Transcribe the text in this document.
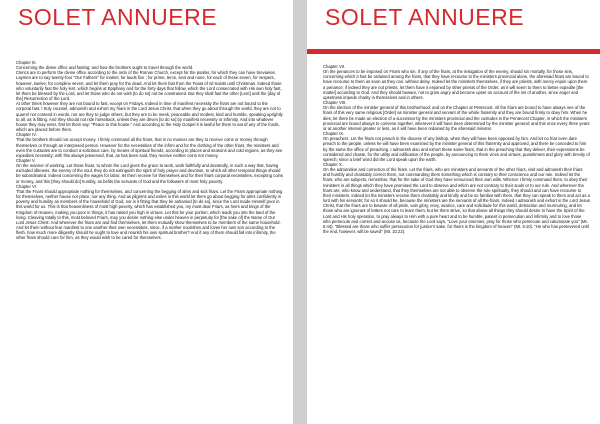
SOLET ANNUERE

Chapter III.

Concerning the divine office and fasting; and how the brothers ought to travel through the world.

Clerics are to perform the divine office according to the ordo of the Roman Church, except for the psalter, for which they can have breviaries. Laymen are to say twenty-four "Our Fathers" for matins; for lauds five ; for prime, terce, sext and none, for each of these seven, for vespers, however, twelve; for compline seven; and let them pray for the dead. And let them fast from the Feast of All Saints until Christmas. Indeed those who voluntarily fast the holy lent, which begins at Epiphany and for the forty days that follow, which the Lord consecrated with His own holy fast, let them be blessed by the Lord, and let those who do not wish [to do so] not be constrained. But they shall fast the other [Lent] until the [day of the] Resurrection of the Lord.

At other times however they are not bound to fast, except on Fridays. Indeed in time of manifest necessity the friars are not bound to the corporal fast. I truly counsel, admonish and exhort my friars in the Lord Jesus Christ, that when they go about through the world, they are not to quarrel nor contend in words, nor are they to judge others, but they are to be meek, peaceable and modest, kind and humble, speaking uprightly to all, as is fitting. And they should not ride horseback, unless they are driven [to do so] by manifest necessity or infirmity. And into whatever house they may enter, first let them say: "Peace to this house." And according to the Holy Gospel it is lawful for them to eat of any of the foods, which are placed before them.

Chapter IV.

That the brothers should not accept money. I firmly command all the friars, that in no manner are they to receive coins or money through themselves or through an interposed person. However for the necessities of the infirm and for the clothing of the other friars, the ministers and even the custodes are to conduct a solicitous care, by means of spiritual friends, according to places and seasons and cold regions, as they see expedites necessity; with this always preserved, that, as has been said, they receive neither coins nor money.

Chapter V.

On the manner of working. Let those friars, to whom the Lord gives the grace to work, work faithfully and devotedly, in such a way that, having excluded idleness, the enemy of the soul, they do not extinguish the spirit of holy prayer and devotion, to which all other temporal things should be subordinated. Indeed concerning the wages for labor, let them receive for themselves and for their friars corporal necessities, excepting coins or money, and this [they should do] humbly, as befits the servants of God and the followers of most holy poverty.

Chapter VI.

That the Friars should appropriate nothing for themselves, and concerning the begging of alms and sick friars. Let the Friars appropriate nothing for themselves, neither house nor place, nor any thing. And as pilgrims and exiles in this world let them go about begging for alms confidently in poverty and humility as members of the household of God, nor is it fitting that they be ashamed [to do so], since the Lord made Himself poor in this world for us. This is that heavenliness of most high poverty, which has established you, my most dear Friars, as heirs and kings of the Kingdom of Heaven, making you poor in things, it has raised you high in virtues. Let this be your portion, which leads you into the land of the living. Cleaving totally to this, most beloved Friars, may you desire nothing else under heaven in perpetuity for [the sake of] the Name of Our Lord Jesus Christ. And wherever the friars are and find themselves, let them mutually show themselves to be members of the same household. And let them without fear manifest to one another their own necessities, since, if a mother nourishes and loves her own son according to the flesh, how much more diligently should he ought to love and nourish his own spiritual brother? And if any of them should fall into infirmity, the other friars should care for him, as they would wish to be cared for themselves.

SOLET ANNUERE

Chapter VII.

On the penances to be imposed on Friars who sin. If any of the friars, at the instigation of the enemy, should sin mortally, for those sins, concerning which it has be ordained among the friars, that they have recourse to the ministers provincial alone, the aforesaid friars are bound to have recourse to them as soon as they can, without delay. Indeed let the ministers themselves, if they are priests, with mercy enjoin upon them a penance; if indeed they are not priests, let them have it enjoined by other priests of the Order, as it will seem to them to better expedite [the matter] according to God. And they should beware, not to grow angry and become upset on account of the sin of another, since anger and upsetness impede charity in themselves and in others.

Chapter VIII.

On the election of the minister general of this brotherhood; and on the Chapter at Pentecost. All the friars are bound to have always one of the friars of this very same religious [Order] as minister general and servant of the whole fraternity and they are bound firmly to obey him. When he dies, let there be made an election of a successor by the ministers provincial and the custodes in the Pentecost Chapter, in which the ministers provincial are bound always to convene together, wherever it will have been determined by the minister general; and this once every three years or at another interval greater or less, as it will have been ordained by the aforesaid minister.

Chapter IX.

On preachers. Let the friars not preach in the diocese of any bishop, when they will have been opposed by him. And let no friar even dare preach to the people, unless he will have been examined by the minister general of this fraternity and approved, and there be conceded to him by the same the office of preaching. I admonish also and exhort these same friars, that in the preaching that they deliver, their expressions be considered and chaste, for the utility and edification of the people, by announcing to them vices and virtues, punishment and glory with brevity of speech; since a brief word did the Lord speak upon the earth.

Chapter X.

On the admonition and correction of the friars. Let the friars, who are ministers and servants of the other friars, visit and admonish their friars and humbly and charitably correct them, not commanding them something which is contrary to their conscience and our rule. Indeed let the friars, who are subjects, remember, that for the sake of God they have renounced their own wills. Whence I firmly command them, to obey their ministers in all things which they have promised the Lord to observe and which are not contrary to their souls or to our rule. And wherever the friars are, who know and understand, that they themselves are not able to observe the rule spiritually, they should and can have recourse to their ministers. Indeed let the ministers receive them charitably and kindly and be so familiar with them, that they can speak to them and act as a lord with his servants; for so it should be, because the ministers are the servants of all the friars. Indeed I admonish and exhort in the Lord Jesus Christ, that the friars are to beware of all pride, vain glory, envy, avarice, care and solicitude for this world, detraction and murmuring, and let those who are ignorant of letters not care to learn them; but let them strive, so that above all things they should desire to have the Spirit of the Lord and His holy operation, to pray always to Him with a pure heart and to be humble, patient in persecution and infirmity and to love those who persecute and correct and accuse us, because the Lord says, "Love your enemies, pray for those who persecute and calumniate you" (Mt. 5:44). "Blessed are those who suffer persecution for justice's sake, for theirs is the kingdom of heaven" (Mt. 5:10). "He who has persevered until the end, however, will be saved" (Mt. 10:22).
